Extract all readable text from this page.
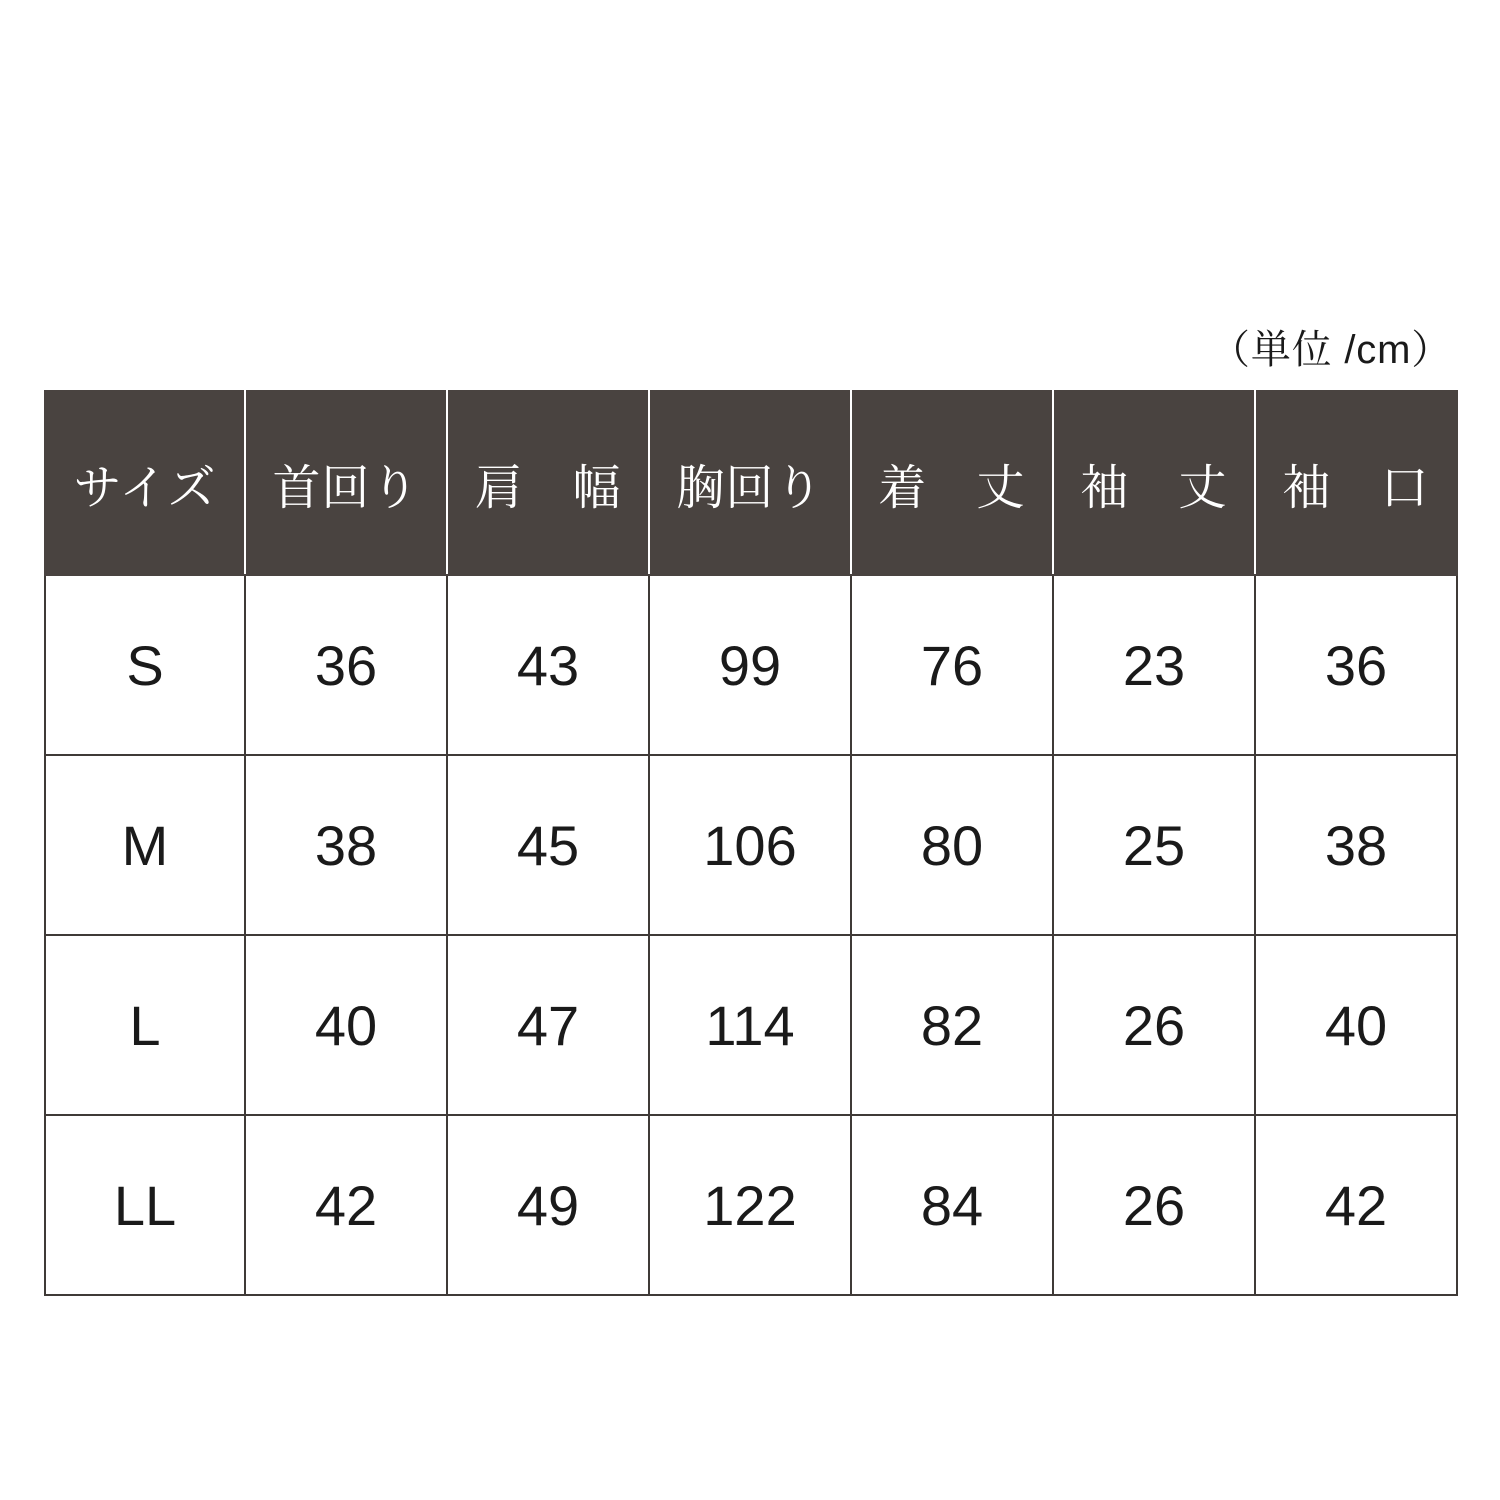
（単位 /cm）
サイズ	首回り	肩　幅	胸回り	着　丈	袖　丈	袖　口
S	36	43	99	76	23	36
M	38	45	106	80	25	38
L	40	47	114	82	26	40
LL	42	49	122	84	26	42
